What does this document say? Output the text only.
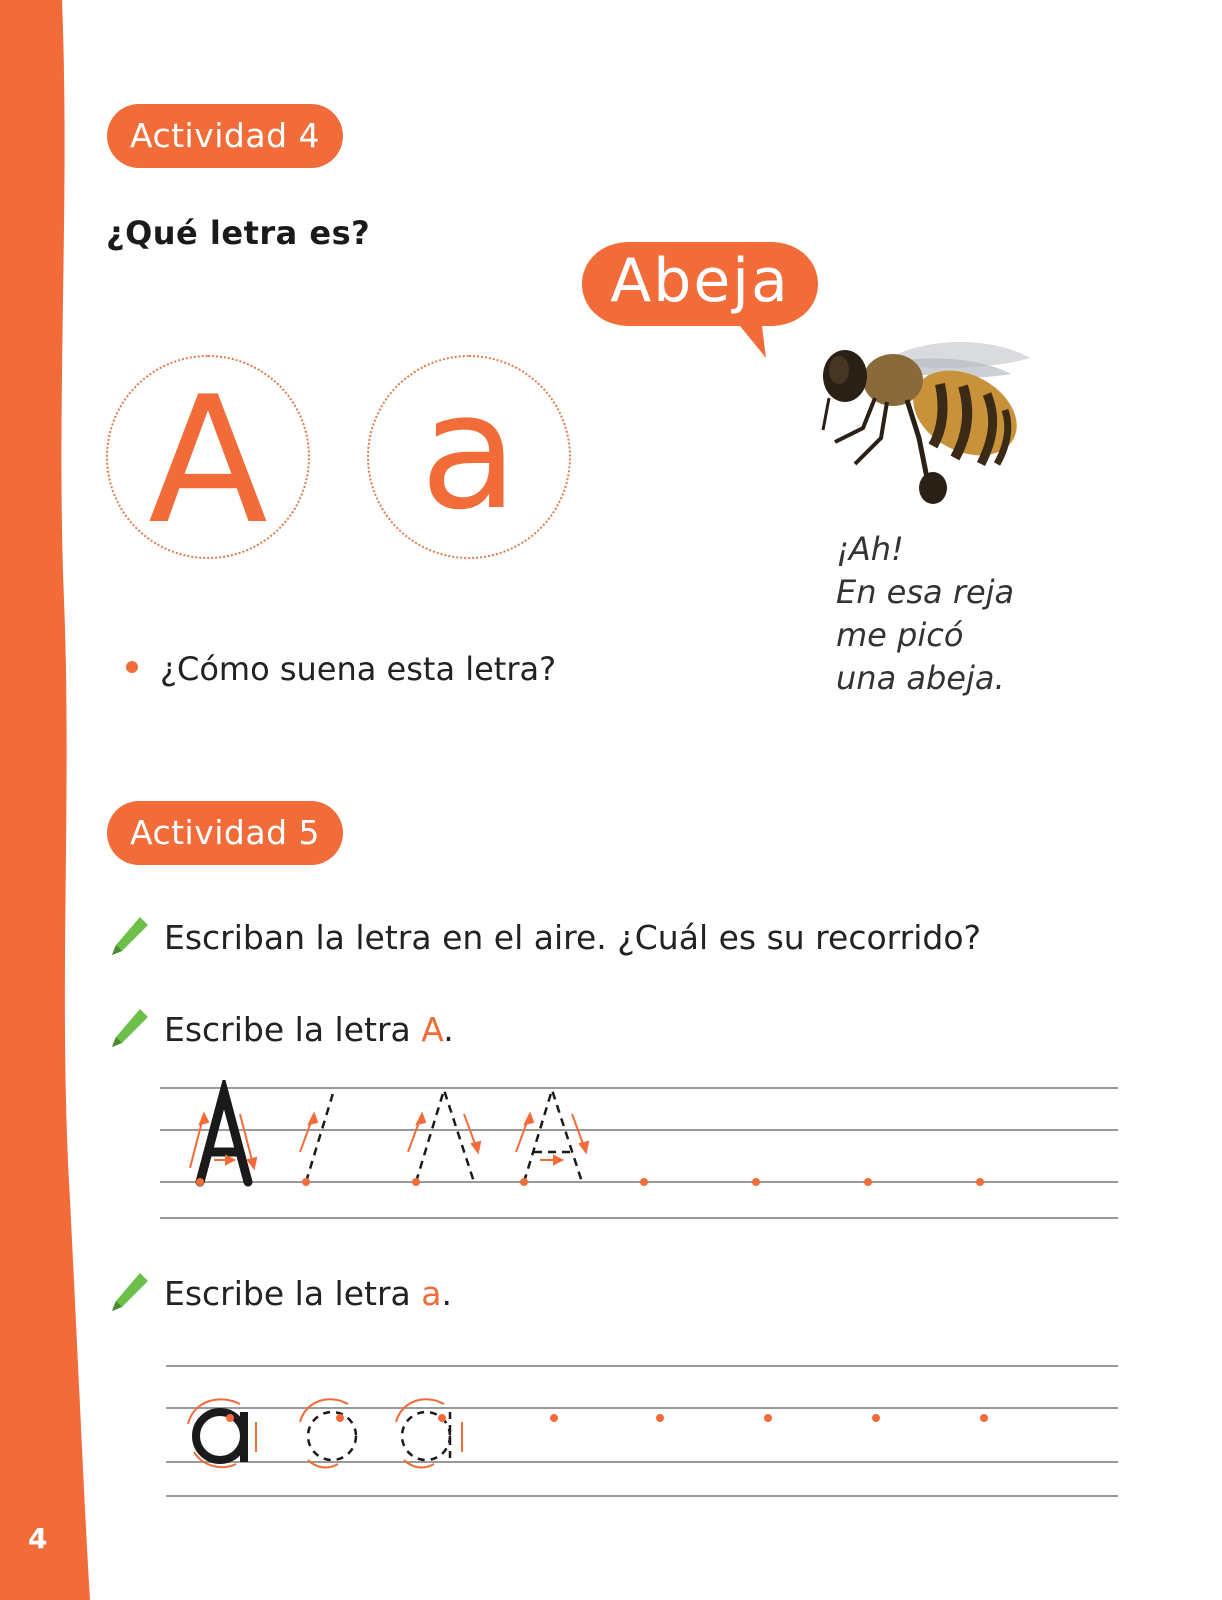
4
Actividad 4
¿Qué letra es?
A a
Abeja
¡Ah!
En esa reja
me picó
una abeja.
¿Cómo suena esta letra?
Actividad 5
Escriban la letra en el aire. ¿Cuál es su recorrido?
Escribe la letra A.
Escribe la letra a.
